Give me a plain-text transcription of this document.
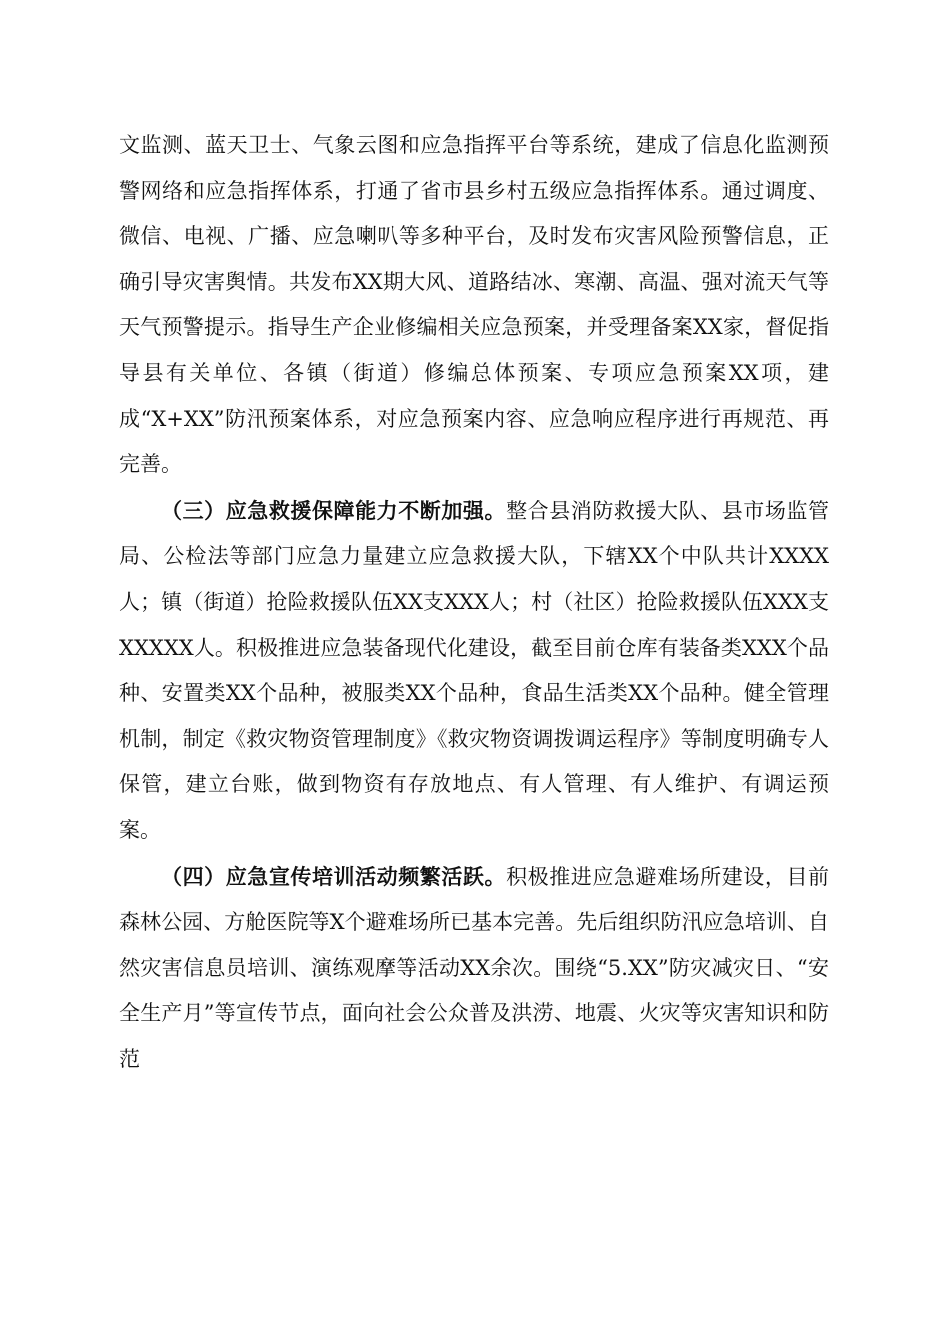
文监测、蓝天卫士、气象云图和应急指挥平台等系统，建成了信息化监测预警网络和应急指挥体系，打通了省市县乡村五级应急指挥体系。通过调度、微信、电视、广播、应急喇叭等多种平台，及时发布灾害风险预警信息，正确引导灾害舆情。共发布XX期大风、道路结冰、寒潮、高温、强对流天气等天气预警提示。指导生产企业修编相关应急预案，并受理备案XX家，督促指导县有关单位、各镇（街道）修编总体预案、专项应急预案XX项，建成“X+XX”防汛预案体系，对应急预案内容、应急响应程序进行再规范、再完善。

（三）应急救援保障能力不断加强。整合县消防救援大队、县市场监管局、公检法等部门应急力量建立应急救援大队，下辖XX个中队共计XXXX人；镇（街道）抢险救援队伍XX支XXX人；村（社区）抢险救援队伍XXX支XXXXX人。积极推进应急装备现代化建设，截至目前仓库有装备类XXX个品种、安置类XX个品种，被服类XX个品种，食品生活类XX个品种。健全管理机制，制定《救灾物资管理制度》《救灾物资调拨调运程序》等制度明确专人保管，建立台账，做到物资有存放地点、有人管理、有人维护、有调运预案。

（四）应急宣传培训活动频繁活跃。积极推进应急避难场所建设，目前森林公园、方舱医院等X个避难场所已基本完善。先后组织防汛应急培训、自然灾害信息员培训、演练观摩等活动XX余次。围绕“5.XX”防灾减灾日、“安全生产月”等宣传节点，面向社会公众普及洪涝、地震、火灾等灾害知识和防范
